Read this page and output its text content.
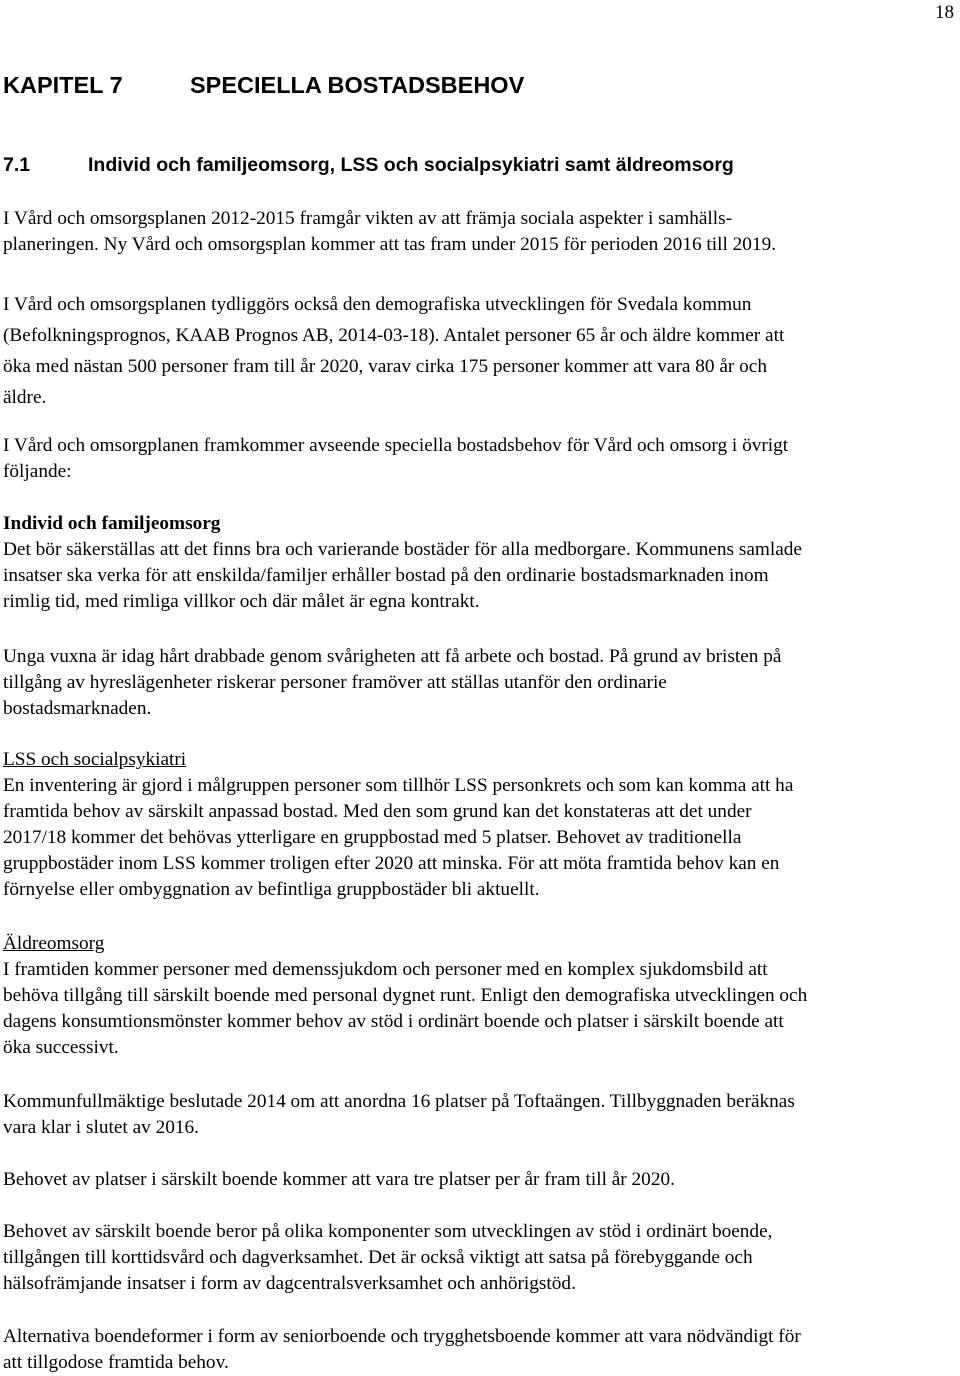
18

KAPITEL 7	SPECIELLA BOSTADSBEHOV
7.1	Individ och familjeomsorg, LSS och socialpsykiatri samt äldreomsorg

I Vård och omsorgsplanen 2012-2015 framgår vikten av att främja sociala aspekter i samhälls-
planeringen. Ny Vård och omsorgsplan kommer att tas fram under 2015 för perioden 2016 till 2019.

I Vård och omsorgsplanen tydliggörs också den demografiska utvecklingen för Svedala kommun
(Befolkningsprognos, KAAB Prognos AB, 2014-03-18). Antalet personer 65 år och äldre kommer att
öka med nästan 500 personer fram till år 2020, varav cirka 175 personer kommer att vara 80 år och
äldre.

I Vård och omsorgplanen framkommer avseende speciella bostadsbehov för Vård och omsorg i övrigt
följande:

Individ och familjeomsorg
Det bör säkerställas att det finns bra och varierande bostäder för alla medborgare. Kommunens samlade
insatser ska verka för att enskilda/familjer erhåller bostad på den ordinarie bostadsmarknaden inom
rimlig tid, med rimliga villkor och där målet är egna kontrakt.

Unga vuxna är idag hårt drabbade genom svårigheten att få arbete och bostad. På grund av bristen på
tillgång av hyreslägenheter riskerar personer framöver att ställas utanför den ordinarie
bostadsmarknaden.

LSS och socialpsykiatri
En inventering är gjord i målgruppen personer som tillhör LSS personkrets och som kan komma att ha
framtida behov av särskilt anpassad bostad. Med den som grund kan det konstateras att det under
2017/18 kommer det behövas ytterligare en gruppbostad med 5 platser. Behovet av traditionella
gruppbostäder inom LSS kommer troligen efter 2020 att minska. För att möta framtida behov kan en
förnyelse eller ombyggnation av befintliga gruppbostäder bli aktuellt.

Äldreomsorg
I framtiden kommer personer med demenssjukdom och personer med en komplex sjukdomsbild att
behöva tillgång till särskilt boende med personal dygnet runt. Enligt den demografiska utvecklingen och
dagens konsumtionsmönster kommer behov av stöd i ordinärt boende och platser i särskilt boende att
öka successivt.

Kommunfullmäktige beslutade 2014 om att anordna 16 platser på Toftaängen. Tillbyggnaden beräknas
vara klar i slutet av 2016.

Behovet av platser i särskilt boende kommer att vara tre platser per år fram till år 2020.

Behovet av särskilt boende beror på olika komponenter som utvecklingen av stöd i ordinärt boende,
tillgången till korttidsvård och dagverksamhet. Det är också viktigt att satsa på förebyggande och
hälsofrämjande insatser i form av dagcentralsverksamhet och anhörigstöd.

Alternativa boendeformer i form av seniorboende och trygghetsboende kommer att vara nödvändigt för
att tillgodose framtida behov.
